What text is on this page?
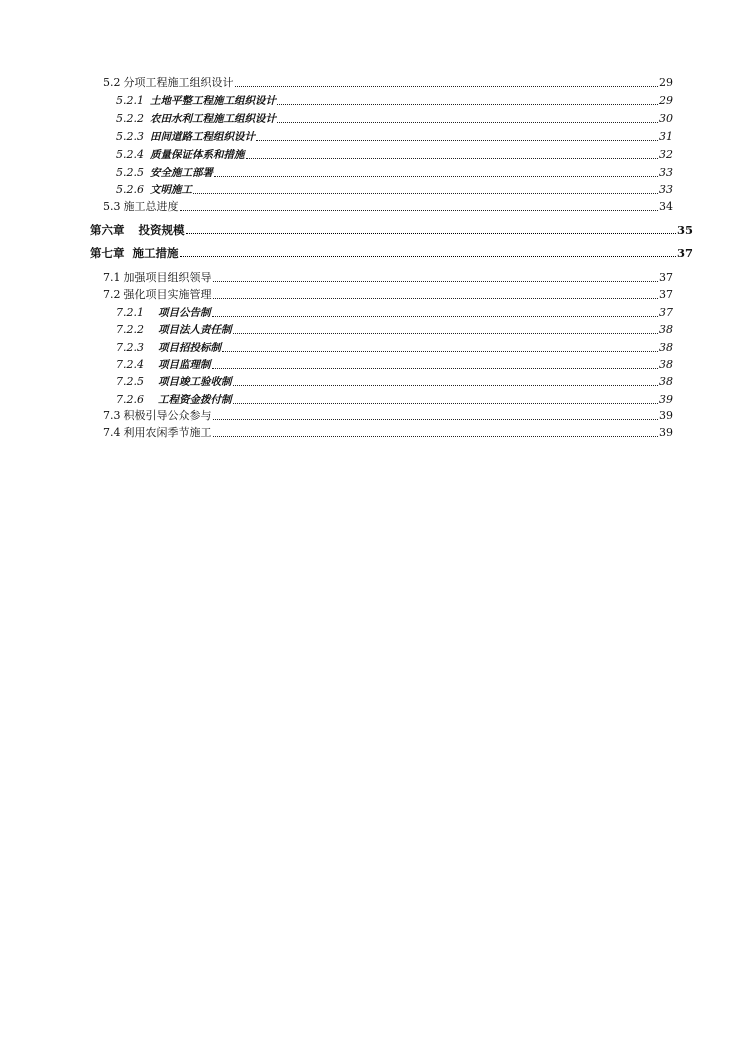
5.2 分项工程施工组织设计	29
5.2.1 土地平整工程施工组织设计	29
5.2.2 农田水利工程施工组织设计	30
5.2.3 田间道路工程组织设计	31
5.2.4 质量保证体系和措施	32
5.2.5 安全施工部署	33
5.2.6 文明施工	33
5.3 施工总进度	34
第六章 投资规模	35
第七章 施工措施	37
7.1 加强项目组织领导	37
7.2 强化项目实施管理	37
7.2.1 项目公告制	37
7.2.2 项目法人责任制	38
7.2.3 项目招投标制	38
7.2.4 项目监理制	38
7.2.5 项目竣工验收制	38
7.2.6 工程资金拨付制	39
7.3 积极引导公众参与	39
7.4 利用农闲季节施工	39
